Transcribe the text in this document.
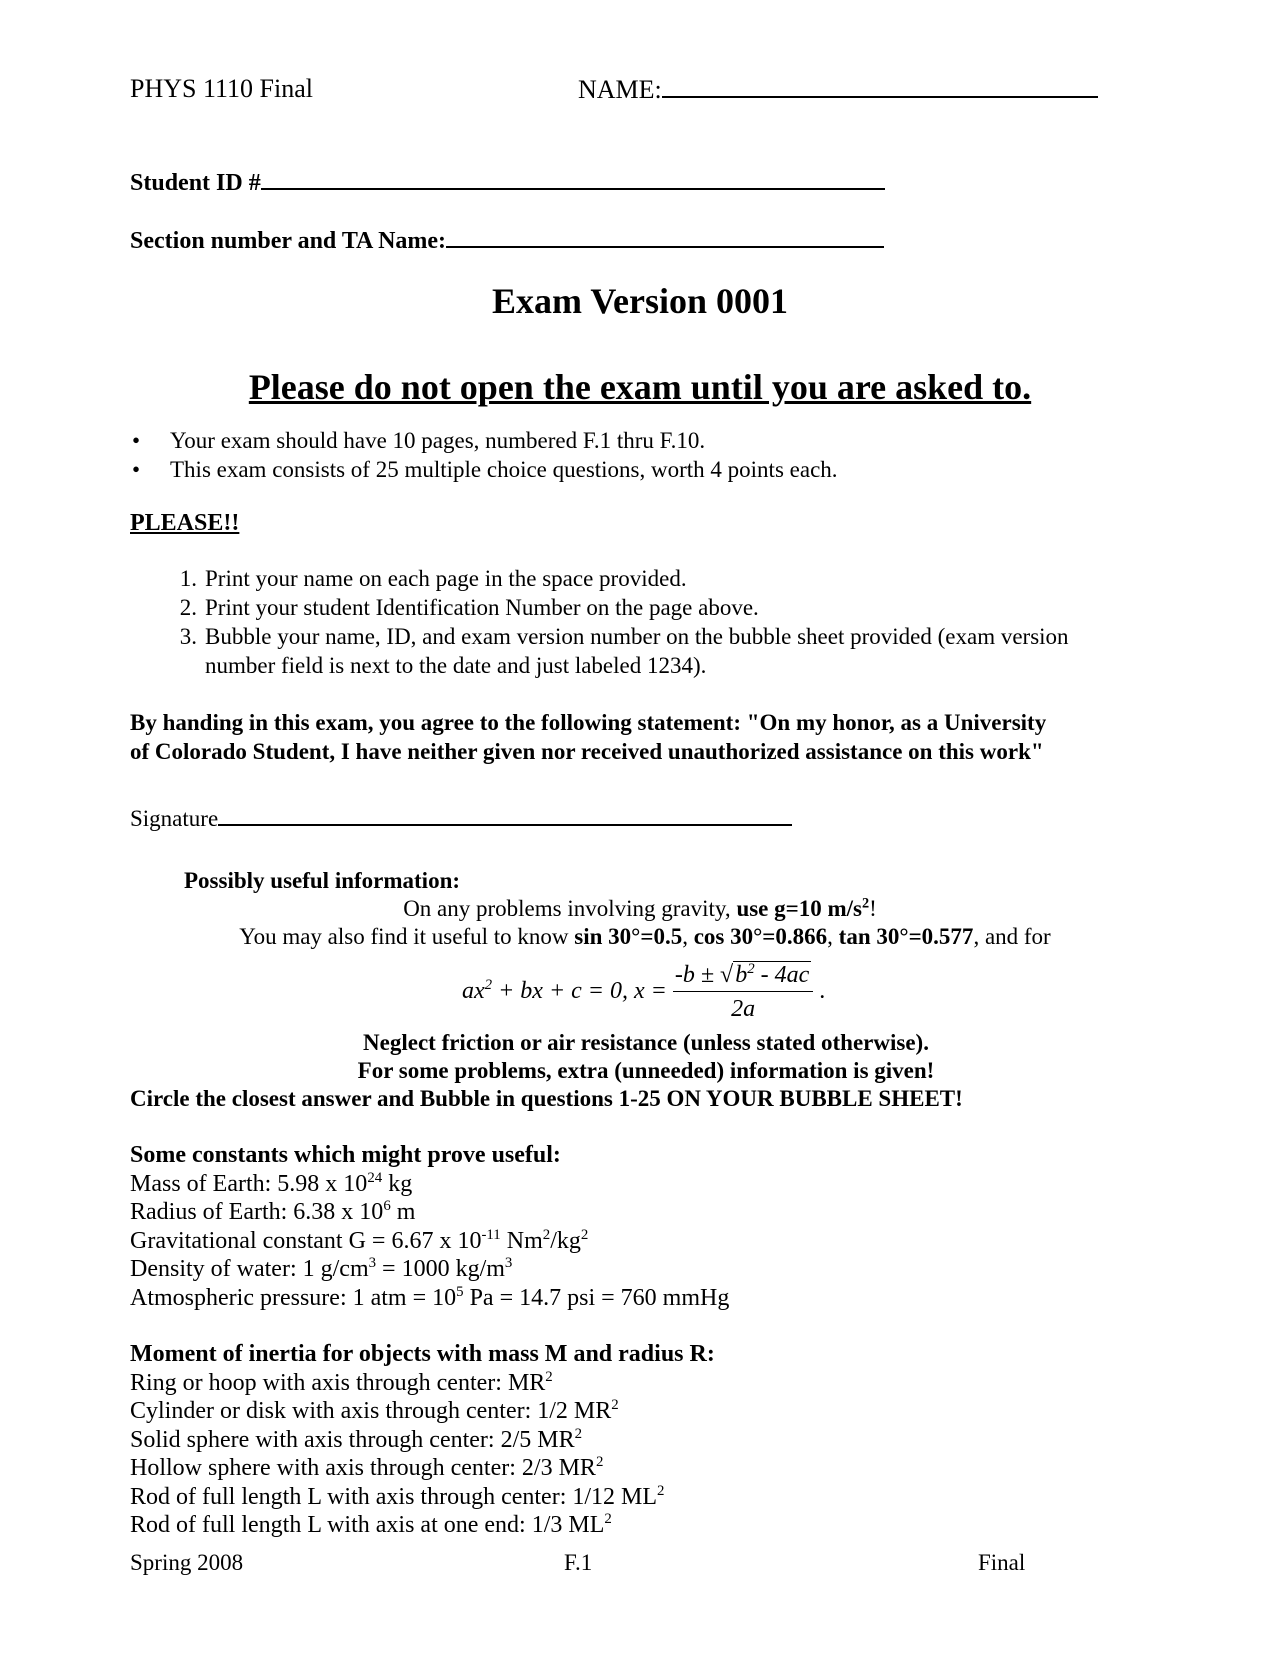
PHYS 1110 Final	NAME:
Student ID #
Section number and TA Name:
Exam Version 0001
Please do not open the exam until you are asked to.
• Your exam should have 10 pages, numbered F.1 thru F.10.
• This exam consists of 25 multiple choice questions, worth 4 points each.
PLEASE!!
1. Print your name on each page in the space provided.
2. Print your student Identification Number on the page above.
3. Bubble your name, ID, and exam version number on the bubble sheet provided (exam version
number field is next to the date and just labeled 1234).
By handing in this exam, you agree to the following statement: "On my honor, as a University
of Colorado Student, I have neither given nor received unauthorized assistance on this work"
Signature
Possibly useful information:
On any problems involving gravity, use g=10 $m/s^2$!
You may also find it useful to know sin 30°=0.5, cos 30°=0.866, tan 30°=0.577, and for
$ax^2$ + bx + c = 0, $x = \frac{-b \pm √b^2 - 4ac}{2a}$ .
Neglect friction or air resistance (unless stated otherwise).
For some problems, extra (unneeded) information is given!
Circle the closest answer and Bubble in questions 1-25 ON YOUR BUBBLE SHEET!
Some constants which might prove useful:
Mass of Earth: 5.98 x $10^{24}$ kg
Radius of Earth: 6.38 x $10^6$ m
Gravitational constant G = 6.67 x $10^{-11}$ $Nm^2/kg^2$
Density of water: 1 $g/cm^3 = 1000$ $kg/m^3$
Atmospheric pressure: 1 atm = $10^5$ Pa = 14.7 psi = 760 mmHg
Moment of inertia for objects with mass M and radius R:
Ring or hoop with axis through center: $MR^2$
Cylinder or disk with axis through center: 1/2 $MR^2$
Solid sphere with axis through center: 2/5 $MR^2$
Hollow sphere with axis through center: 2/3 $MR^2$
Rod of full length L with axis through center: 1/12 $ML^2$
Rod of full length L with axis at one end: 1/3 $ML^2$
Spring 2008	F.1	Final
